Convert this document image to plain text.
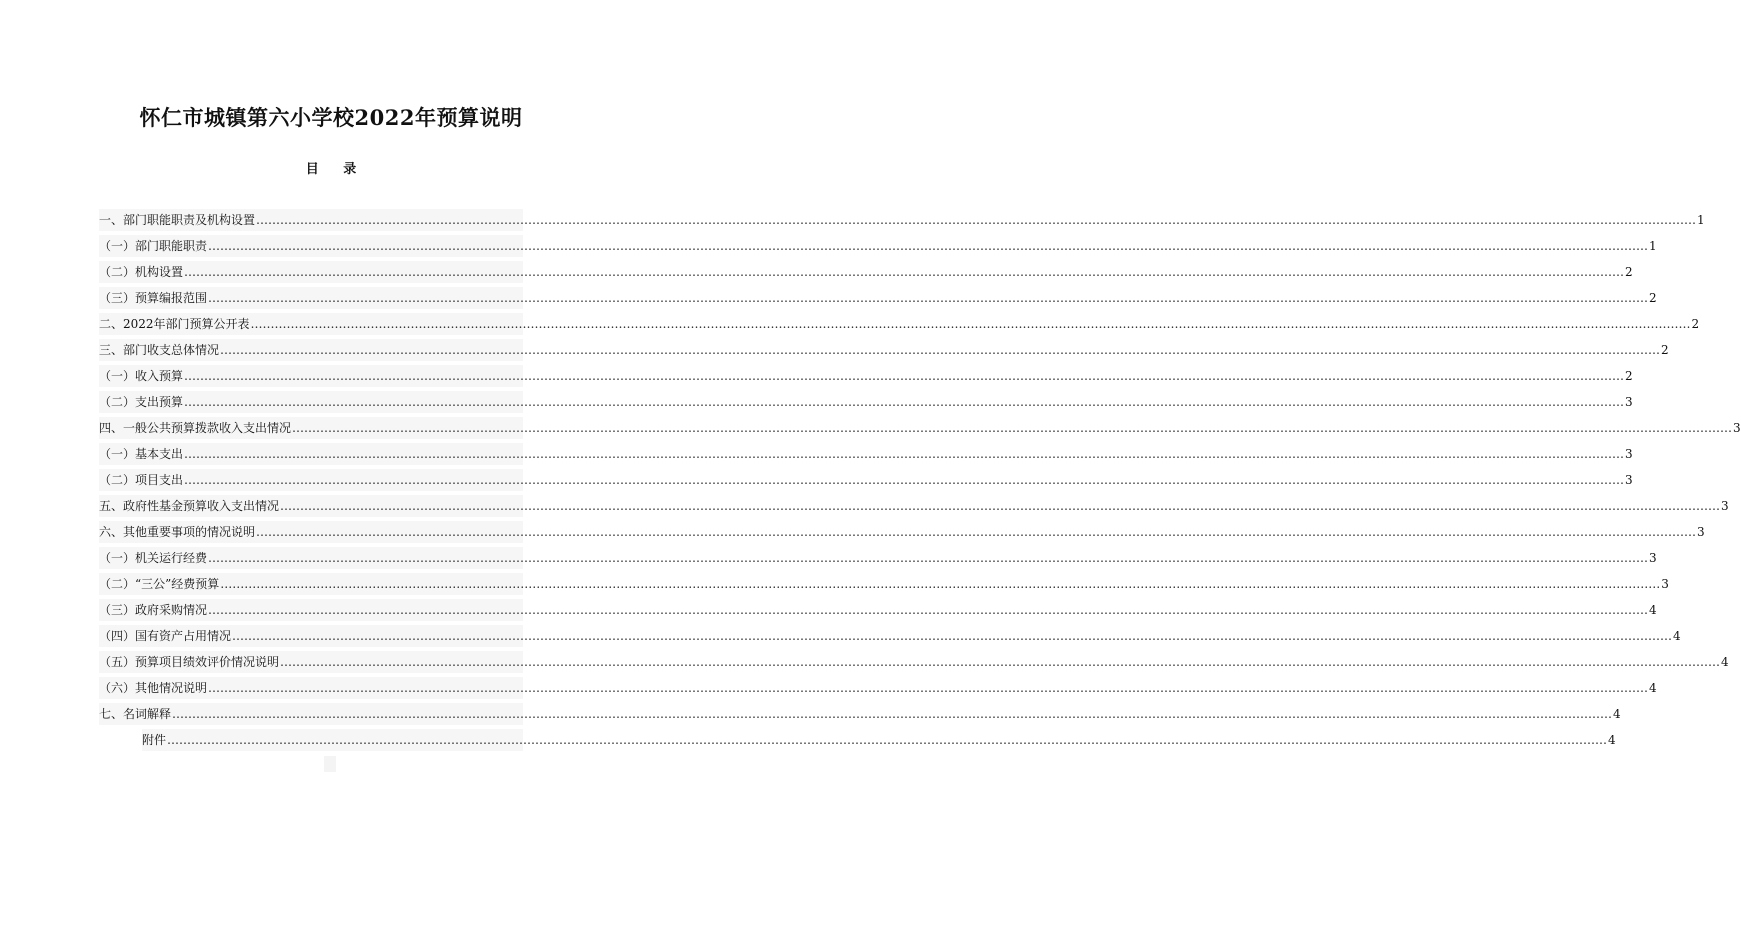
怀仁市城镇第六小学校2022年预算说明
目 录
一、部门职能职责及机构设置 ……………………………………………………………………………………………………………………………………………………………………………………………………………………………………………………………………………………………………………………………… 1
（一）部门职能职责 ……………………………………………………………………………………………………………………………………………………………………………………………………………………………………………………………………………………………………………………………… 1
（二）机构设置 ……………………………………………………………………………………………………………………………………………………………………………………………………………………………………………………………………………………………………………………………… 2
（三）预算编报范围 ……………………………………………………………………………………………………………………………………………………………………………………………………………………………………………………………………………………………………………………………… 2
二、2022年部门预算公开表 ……………………………………………………………………………………………………………………………………………………………………………………………………………………………………………………………………………………………………………………………… 2
三、部门收支总体情况 ……………………………………………………………………………………………………………………………………………………………………………………………………………………………………………………………………………………………………………………………… 2
（一）收入预算 ……………………………………………………………………………………………………………………………………………………………………………………………………………………………………………………………………………………………………………………………… 2
（二）支出预算 ……………………………………………………………………………………………………………………………………………………………………………………………………………………………………………………………………………………………………………………………… 3
四、一般公共预算拨款收入支出情况 ……………………………………………………………………………………………………………………………………………………………………………………………………………………………………………………………………………………………………………………………… 3
（一）基本支出 ……………………………………………………………………………………………………………………………………………………………………………………………………………………………………………………………………………………………………………………………… 3
（二）项目支出 ……………………………………………………………………………………………………………………………………………………………………………………………………………………………………………………………………………………………………………………………… 3
五、政府性基金预算收入支出情况 ……………………………………………………………………………………………………………………………………………………………………………………………………………………………………………………………………………………………………………………………… 3
六、其他重要事项的情况说明 ……………………………………………………………………………………………………………………………………………………………………………………………………………………………………………………………………………………………………………………………… 3
（一）机关运行经费 ……………………………………………………………………………………………………………………………………………………………………………………………………………………………………………………………………………………………………………………………… 3
（二）“三公”经费预算 ……………………………………………………………………………………………………………………………………………………………………………………………………………………………………………………………………………………………………………………………… 3
（三）政府采购情况 ……………………………………………………………………………………………………………………………………………………………………………………………………………………………………………………………………………………………………………………………… 4
（四）国有资产占用情况 ……………………………………………………………………………………………………………………………………………………………………………………………………………………………………………………………………………………………………………………………… 4
（五）预算项目绩效评价情况说明 ……………………………………………………………………………………………………………………………………………………………………………………………………………………………………………………………………………………………………………………………… 4
（六）其他情况说明 ……………………………………………………………………………………………………………………………………………………………………………………………………………………………………………………………………………………………………………………………… 4
七、名词解释 ……………………………………………………………………………………………………………………………………………………………………………………………………………………………………………………………………………………………………………………………… 4
附件 ……………………………………………………………………………………………………………………………………………………………………………………………………………………………………………………………………………………………………………………………… 4
